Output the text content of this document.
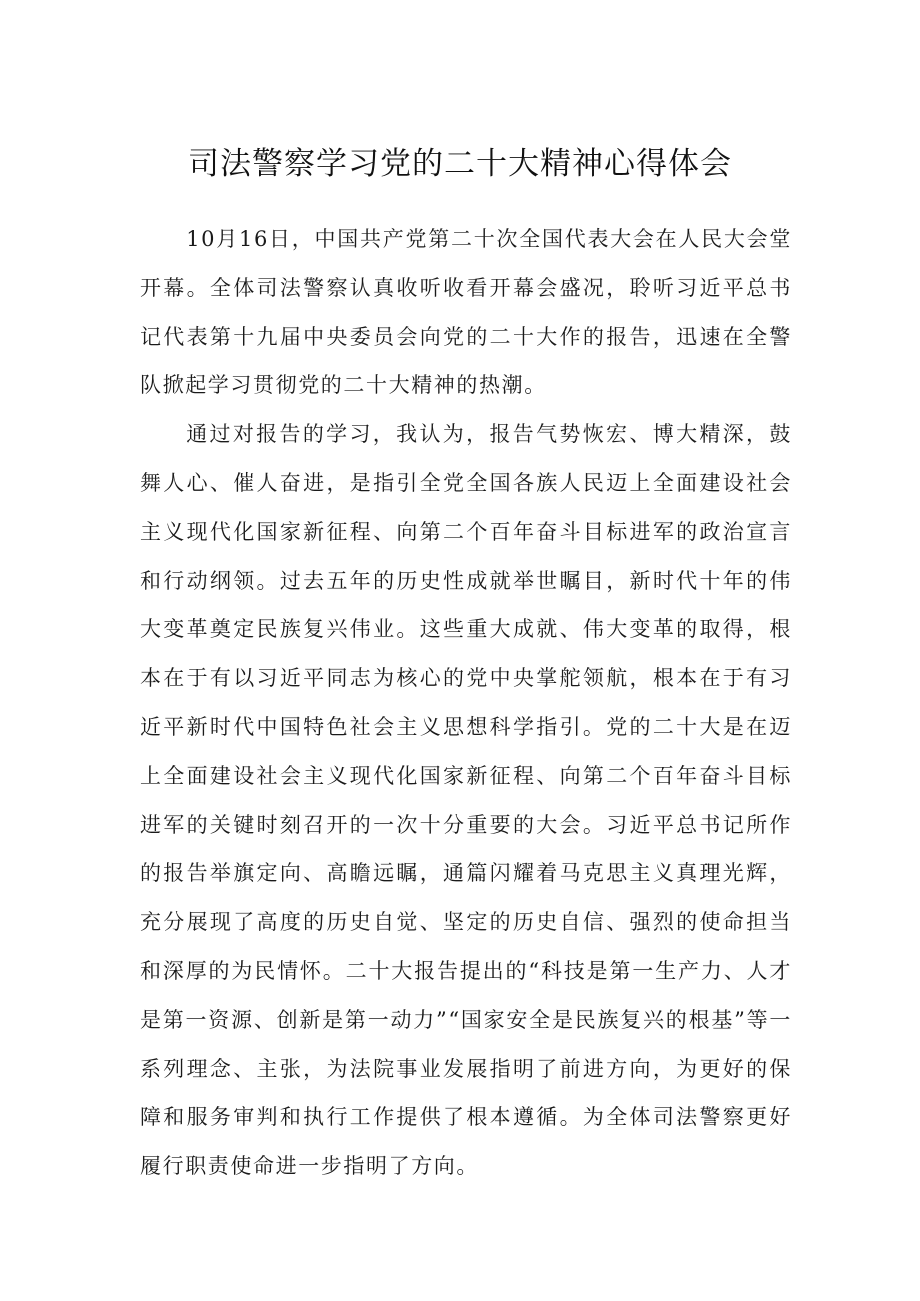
司法警察学习党的二十大精神心得体会

10月16日，中国共产党第二十次全国代表大会在人民大会堂开幕。全体司法警察认真收听收看开幕会盛况，聆听习近平总书记代表第十九届中央委员会向党的二十大作的报告，迅速在全警队掀起学习贯彻党的二十大精神的热潮。

通过对报告的学习，我认为，报告气势恢宏、博大精深，鼓舞人心、催人奋进，是指引全党全国各族人民迈上全面建设社会主义现代化国家新征程、向第二个百年奋斗目标进军的政治宣言和行动纲领。过去五年的历史性成就举世瞩目，新时代十年的伟大变革奠定民族复兴伟业。这些重大成就、伟大变革的取得，根本在于有以习近平同志为核心的党中央掌舵领航，根本在于有习近平新时代中国特色社会主义思想科学指引。党的二十大是在迈上全面建设社会主义现代化国家新征程、向第二个百年奋斗目标进军的关键时刻召开的一次十分重要的大会。习近平总书记所作的报告举旗定向、高瞻远瞩，通篇闪耀着马克思主义真理光辉，充分展现了高度的历史自觉、坚定的历史自信、强烈的使命担当和深厚的为民情怀。二十大报告提出的“科技是第一生产力、人才是第一资源、创新是第一动力”“国家安全是民族复兴的根基”等一系列理念、主张，为法院事业发展指明了前进方向，为更好的保障和服务审判和执行工作提供了根本遵循。为全体司法警察更好履行职责使命进一步指明了方向。
